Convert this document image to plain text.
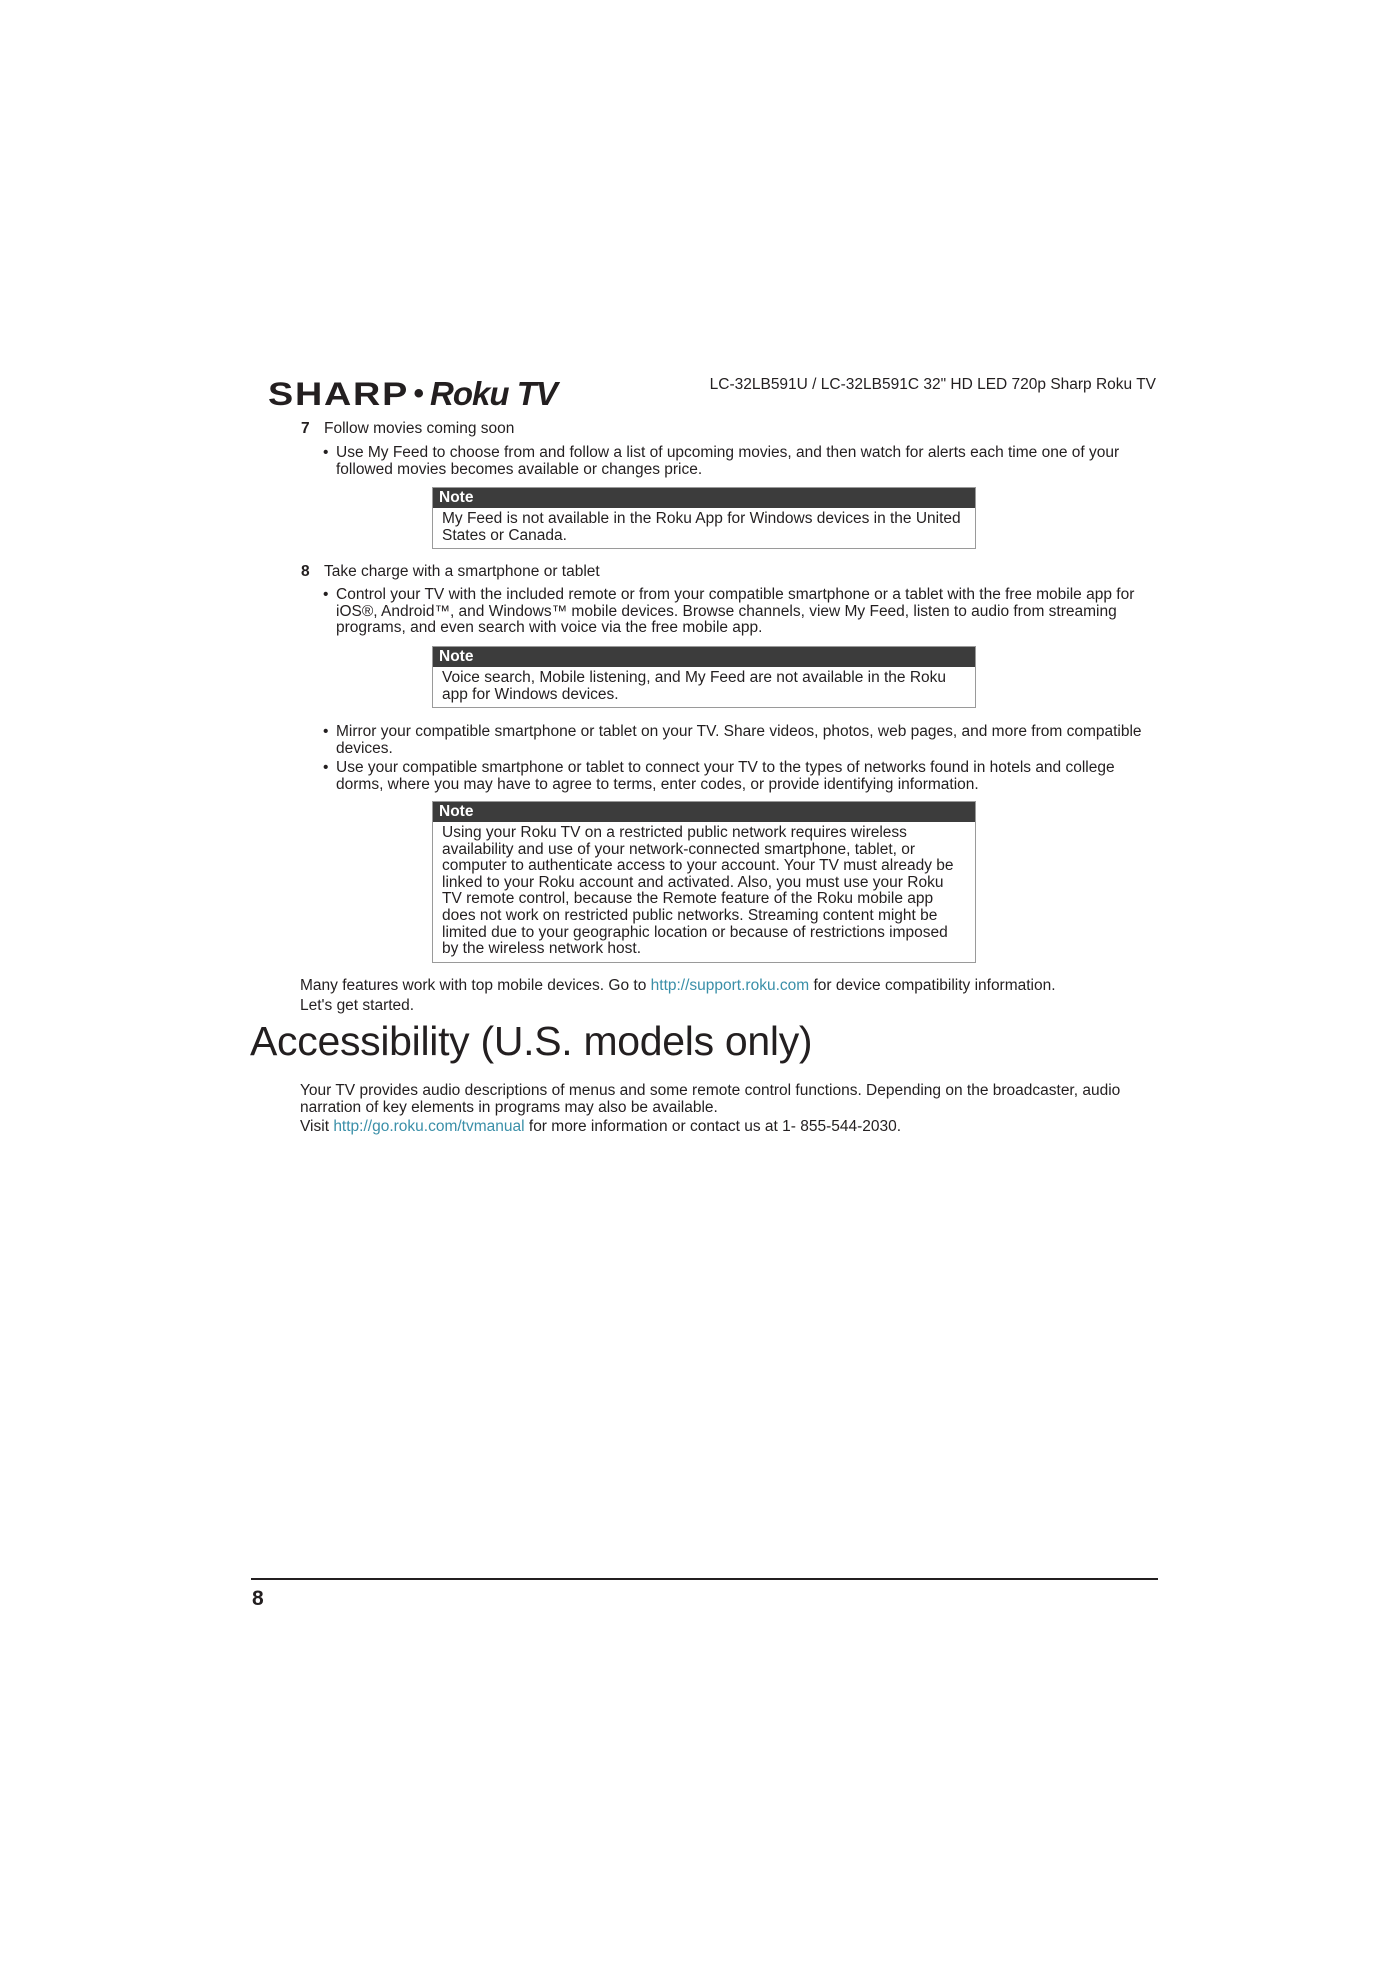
SHARP • Roku TV	LC-32LB591U / LC-32LB591C 32" HD LED 720p Sharp Roku TV
7 Follow movies coming soon
• Use My Feed to choose from and follow a list of upcoming movies, and then watch for alerts each time one of your followed movies becomes available or changes price.
Note
My Feed is not available in the Roku App for Windows devices in the United States or Canada.
8 Take charge with a smartphone or tablet
• Control your TV with the included remote or from your compatible smartphone or a tablet with the free mobile app for iOS®, Android™, and Windows™ mobile devices. Browse channels, view My Feed, listen to audio from streaming programs, and even search with voice via the free mobile app.
Note
Voice search, Mobile listening, and My Feed are not available in the Roku app for Windows devices.
• Mirror your compatible smartphone or tablet on your TV. Share videos, photos, web pages, and more from compatible devices.
• Use your compatible smartphone or tablet to connect your TV to the types of networks found in hotels and college dorms, where you may have to agree to terms, enter codes, or provide identifying information.
Note
Using your Roku TV on a restricted public network requires wireless availability and use of your network-connected smartphone, tablet, or computer to authenticate access to your account. Your TV must already be linked to your Roku account and activated. Also, you must use your Roku TV remote control, because the Remote feature of the Roku mobile app does not work on restricted public networks. Streaming content might be limited due to your geographic location or because of restrictions imposed by the wireless network host.
Many features work with top mobile devices. Go to http://support.roku.com for device compatibility information.
Let's get started.
Accessibility (U.S. models only)
Your TV provides audio descriptions of menus and some remote control functions. Depending on the broadcaster, audio narration of key elements in programs may also be available.
Visit http://go.roku.com/tvmanual for more information or contact us at 1- 855-544-2030.
8
